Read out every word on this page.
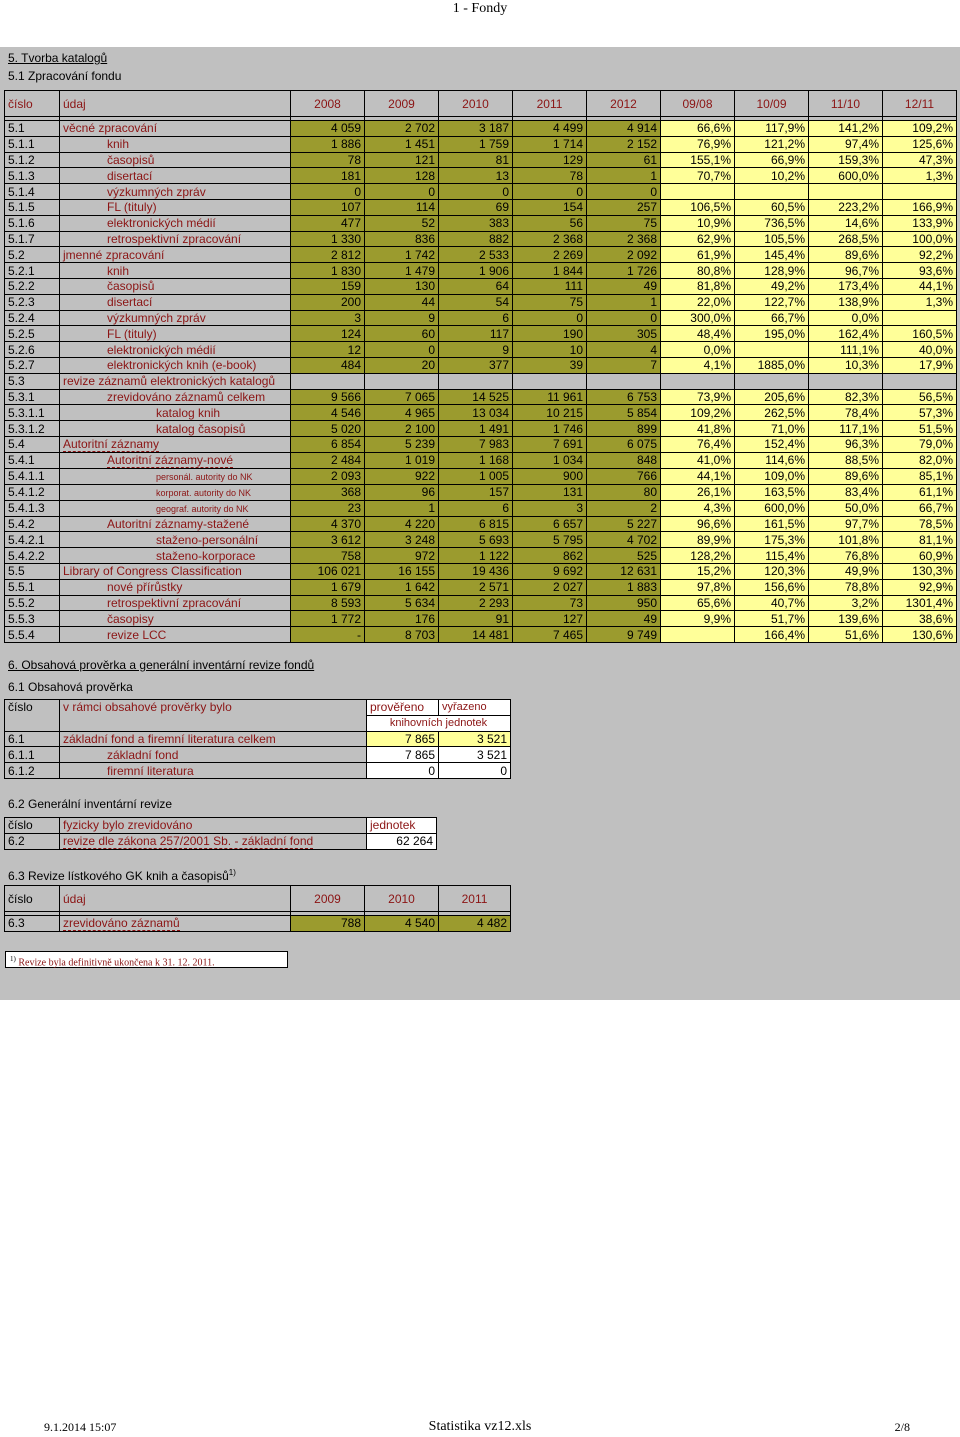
1 - Fondy
5. Tvorba katalogů
5.1 Zpracování fondu
číslo	údaj	2008	2009	2010	2011	2012	09/08	10/09	11/10	12/11

5.1	věcné zpracování	4 059	2 702	3 187	4 499	4 914	66,6%	117,9%	141,2%	109,2%
5.1.1	knih	1 886	1 451	1 759	1 714	2 152	76,9%	121,2%	97,4%	125,6%
5.1.2	časopisů	78	121	81	129	61	155,1%	66,9%	159,3%	47,3%
5.1.3	disertací	181	128	13	78	1	70,7%	10,2%	600,0%	1,3%
5.1.4	výzkumných zpráv	0	0	0	0	0				
5.1.5	FL (tituly)	107	114	69	154	257	106,5%	60,5%	223,2%	166,9%
5.1.6	elektronických médií	477	52	383	56	75	10,9%	736,5%	14,6%	133,9%
5.1.7	retrospektivní zpracování	1 330	836	882	2 368	2 368	62,9%	105,5%	268,5%	100,0%
5.2	jmenné zpracování	2 812	1 742	2 533	2 269	2 092	61,9%	145,4%	89,6%	92,2%
5.2.1	knih	1 830	1 479	1 906	1 844	1 726	80,8%	128,9%	96,7%	93,6%
5.2.2	časopisů	159	130	64	111	49	81,8%	49,2%	173,4%	44,1%
5.2.3	disertací	200	44	54	75	1	22,0%	122,7%	138,9%	1,3%
5.2.4	výzkumných zpráv	3	9	6	0	0	300,0%	66,7%	0,0%	
5.2.5	FL (tituly)	124	60	117	190	305	48,4%	195,0%	162,4%	160,5%
5.2.6	elektronických médií	12	0	9	10	4	0,0%		111,1%	40,0%
5.2.7	elektronických knih (e-book)	484	20	377	39	7	4,1%	1885,0%	10,3%	17,9%
5.3	revize záznamů elektronických katalogů									
5.3.1	zrevidováno záznamů celkem	9 566	7 065	14 525	11 961	6 753	73,9%	205,6%	82,3%	56,5%
5.3.1.1	katalog knih	4 546	4 965	13 034	10 215	5 854	109,2%	262,5%	78,4%	57,3%
5.3.1.2	katalog časopisů	5 020	2 100	1 491	1 746	899	41,8%	71,0%	117,1%	51,5%
5.4	Autoritní záznamy	6 854	5 239	7 983	7 691	6 075	76,4%	152,4%	96,3%	79,0%
5.4.1	Autoritní záznamy-nové	2 484	1 019	1 168	1 034	848	41,0%	114,6%	88,5%	82,0%
5.4.1.1	personál. autority do NK	2 093	922	1 005	900	766	44,1%	109,0%	89,6%	85,1%
5.4.1.2	korporat. autority do NK	368	96	157	131	80	26,1%	163,5%	83,4%	61,1%
5.4.1.3	geograf. autority do NK	23	1	6	3	2	4,3%	600,0%	50,0%	66,7%
5.4.2	Autoritní záznamy-stažené	4 370	4 220	6 815	6 657	5 227	96,6%	161,5%	97,7%	78,5%
5.4.2.1	staženo-personální	3 612	3 248	5 693	5 795	4 702	89,9%	175,3%	101,8%	81,1%
5.4.2.2	staženo-korporace	758	972	1 122	862	525	128,2%	115,4%	76,8%	60,9%
5.5	Library of Congress Classification	106 021	16 155	19 436	9 692	12 631	15,2%	120,3%	49,9%	130,3%
5.5.1	nové přírůstky	1 679	1 642	2 571	2 027	1 883	97,8%	156,6%	78,8%	92,9%
5.5.2	retrospektivní zpracování	8 593	5 634	2 293	73	950	65,6%	40,7%	3,2%	1301,4%
5.5.3	časopisy	1 772	176	91	127	49	9,9%	51,7%	139,6%	38,6%
5.5.4	revize LCC	-	8 703	14 481	7 465	9 749		166,4%	51,6%	130,6%
6. Obsahová prověrka a generální inventární revize fondů
6.1 Obsahová prověrka
číslo	v rámci obsahové prověrky bylo	prověřeno	vyřazeno
		knihovních jednotek	
6.1	základní fond a firemní literatura celkem	7 865	3 521
6.1.1	základní fond	7 865	3 521
6.1.2	firemní literatura	0	0
6.2 Generální inventární revize
číslo	fyzicky bylo zrevidováno	jednotek
6.2	revize dle zákona 257/2001 Sb. - základní fond	62 264
6.3 Revize lístkového GK knih a časopisů$^{1)}$
číslo	údaj	2009	2010	2011

6.3	zrevidováno záznamů	788	4 540	4 482
$^{1)}$ Revize byla definitivně ukončena k 31. 12. 2011.
9.1.2014 15:07	Statistika vz12.xls	2/8
